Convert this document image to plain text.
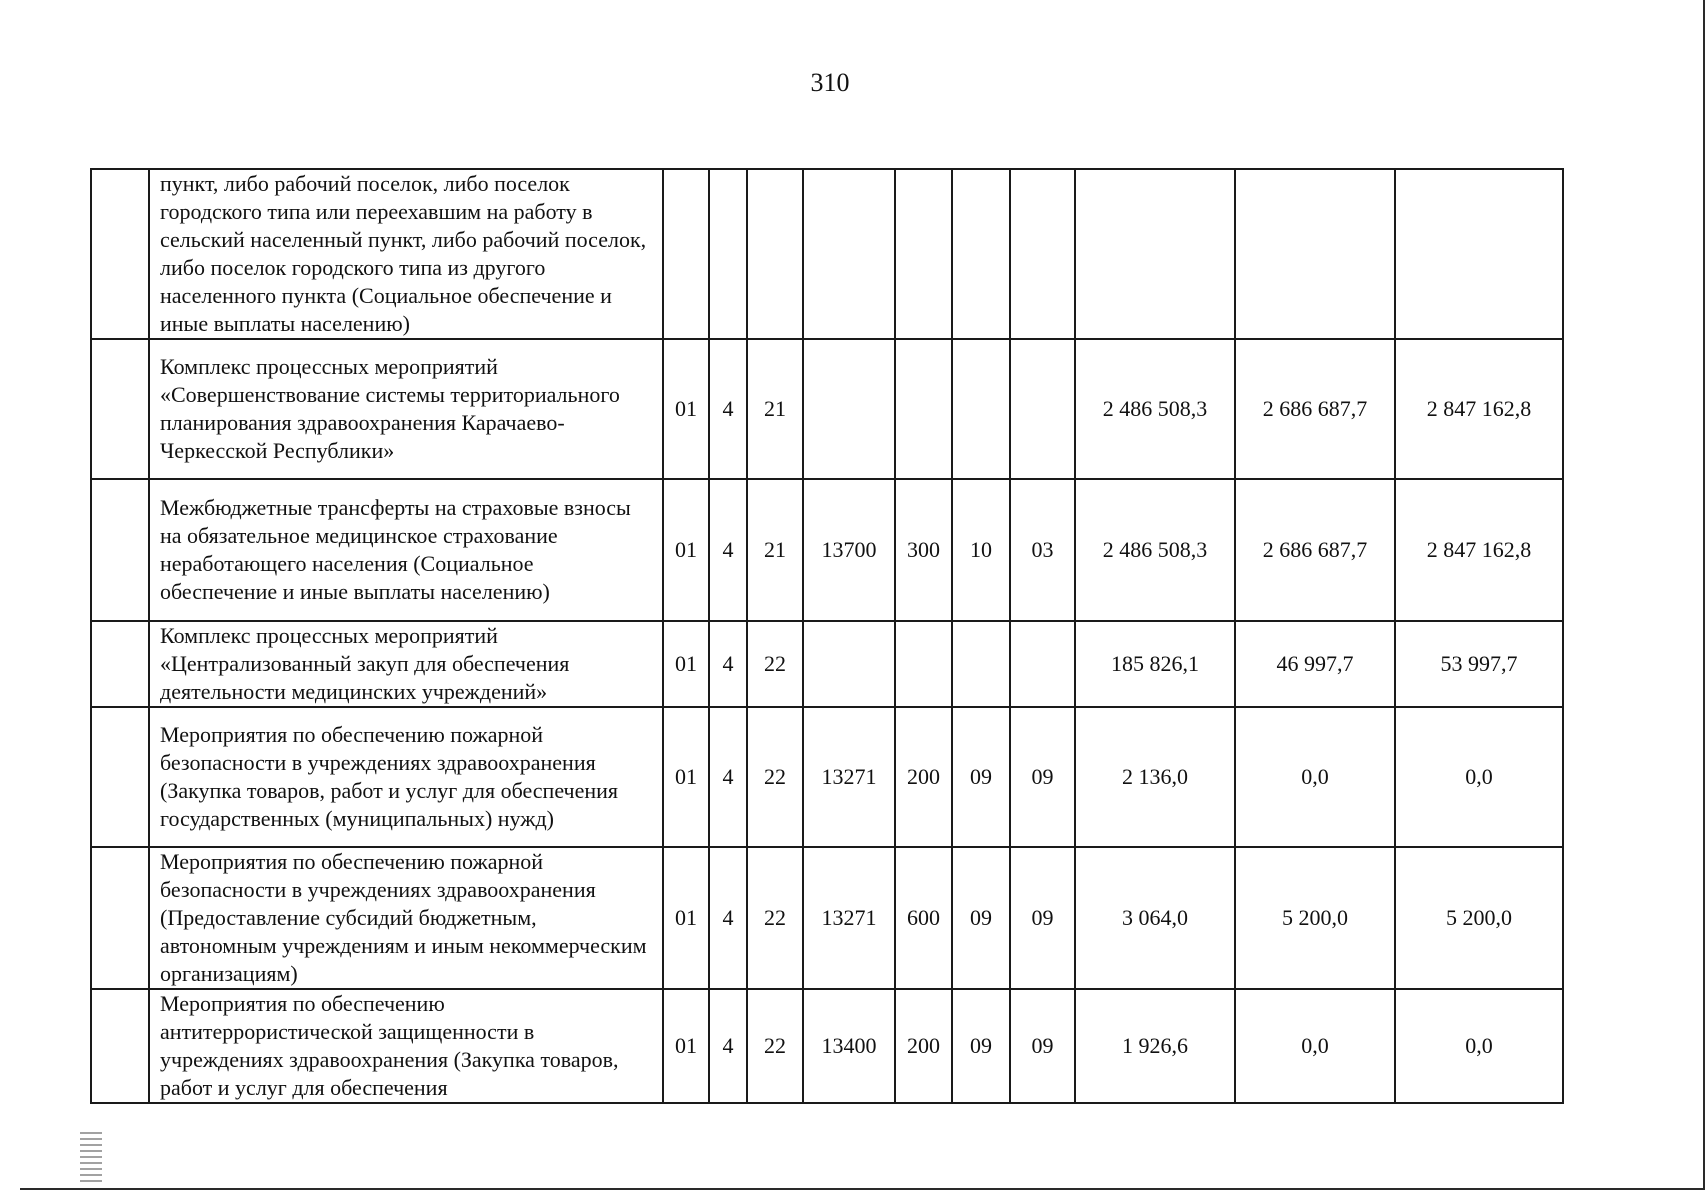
310
	пункт, либо рабочий поселок, либо поселок городского типа или переехавшим на работу в сельский населенный пункт, либо рабочий поселок, либо поселок городского типа из другого населенного пункта (Социальное обеспечение и иные выплаты населению)										
	Комплекс процессных мероприятий «Совершенствование системы территориального планирования здравоохранения Карачаево-Черкесской Республики»	01	4	21					2 486 508,3	2 686 687,7	2 847 162,8
	Межбюджетные трансферты на страховые взносы на обязательное медицинское страхование неработающего населения (Социальное обеспечение и иные выплаты населению)	01	4	21	13700	300	10	03	2 486 508,3	2 686 687,7	2 847 162,8
	Комплекс процессных мероприятий «Централизованный закуп для обеспечения деятельности медицинских учреждений»	01	4	22					185 826,1	46 997,7	53 997,7
	Мероприятия по обеспечению пожарной безопасности в учреждениях здравоохранения (Закупка товаров, работ и услуг для обеспечения государственных (муниципальных) нужд)	01	4	22	13271	200	09	09	2 136,0	0,0	0,0
	Мероприятия по обеспечению пожарной безопасности в учреждениях здравоохранения (Предоставление субсидий бюджетным, автономным учреждениям и иным некоммерческим организациям)	01	4	22	13271	600	09	09	3 064,0	5 200,0	5 200,0
	Мероприятия по обеспечению антитеррористической защищенности в учреждениях здравоохранения (Закупка товаров, работ и услуг для обеспечения	01	4	22	13400	200	09	09	1 926,6	0,0	0,0
